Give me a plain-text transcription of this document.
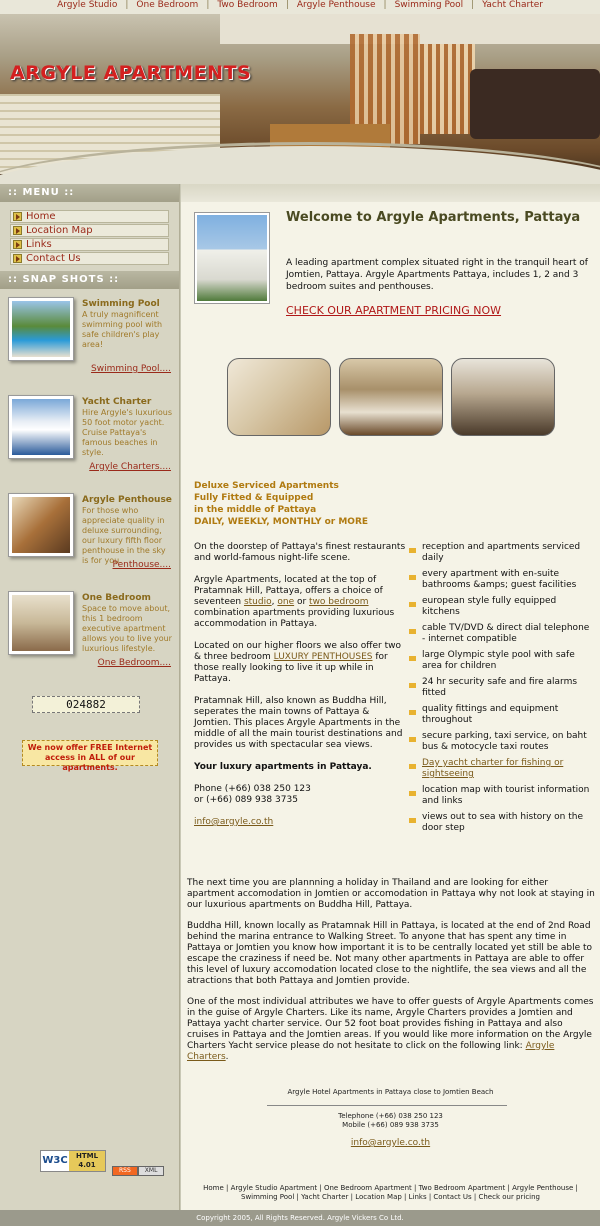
Argyle Studio | One Bedroom | Two Bedroom | Argyle Penthouse | Swimming Pool | Yacht Charter
ARGYLE APARTMENTS
:: MENU ::
Home
Location Map
Links
Contact Us
:: SNAP SHOTS ::
Swimming Pool
A truly magnificent swimming pool with safe children's play area!
Swimming Pool....
Yacht Charter
Hire Argyle's luxurious 50 foot motor yacht. Cruise Pattaya's famous beaches in style.
Argyle Charters....
Argyle Penthouse
For those who appreciate quality in deluxe surrounding, our luxury fifth floor penthouse in the sky is for you.
Penthouse....
One Bedroom
Space to move about, this 1 bedroom executive apartment allows you to live your luxurious lifestyle.
One Bedroom....
024882
We now offer FREE Internet access in ALL of our apartments.
W3C	HTML 4.01
RSS	XML
Welcome to Argyle Apartments, Pattaya
A leading apartment complex situated right in the tranquil heart of Jomtien, Pattaya. Argyle Apartments Pattaya, includes 1, 2 and 3 bedroom suites and penthouses.
CHECK OUR APARTMENT PRICING NOW
Deluxe Serviced Apartments
Fully Fitted & Equipped
in the middle of Pattaya
DAILY, WEEKLY, MONTHLY or MORE

On the doorstep of Pattaya's finest restaurants and world-famous night-life scene.

Argyle Apartments, located at the top of Pratamnak Hill, Pattaya, offers a choice of seventeen studio, one or two bedroom combination apartments providing luxurious accommodation in Pattaya.

Located on our higher floors we also offer two & three bedroom LUXURY PENTHOUSES for those really looking to live it up while in Pattaya.

Pratamnak Hill, also known as Buddha Hill, seperates the main towns of Pattaya & Jomtien. This places Argyle Apartments in the middle of all the main tourist destinations and provides us with spectacular sea views.

Your luxury apartments in Pattaya.

Phone (+66) 038 250 123
or (+66) 089 938 3735

info@argyle.co.th
reception and apartments serviced daily
every apartment with en-suite bathrooms &amps; guest facilities
european style fully equipped kitchens
cable TV/DVD & direct dial telephone - internet compatible
large Olympic style pool with safe area for children
24 hr security safe and fire alarms fitted
quality fittings and equipment throughout
secure parking, taxi service, on baht bus & motocycle taxi routes
Day yacht charter for fishing or sightseeing
location map with tourist information and links
views out to sea with history on the door step

The next time you are plannning a holiday in Thailand and are looking for either apartment accomodation in Jomtien or accomodation in Pattaya why not look at staying in our luxurious apartments on Buddha Hill, Pattaya.

Buddha Hill, known locally as Pratamnak Hill in Pattaya, is located at the end of 2nd Road behind the marina entrance to Walking Street. To anyone that has spent any time in Pattaya or Jomtien you know how important it is to be centrally located yet still be able to escape the craziness if need be. Not many other apartments in Pattaya are able to offer this level of luxury accomodation located close to the nightlife, the sea views and all the atractions that both Pattaya and Jomtien provide.

One of the most individual attributes we have to offer guests of Argyle Apartments comes in the guise of Argyle Charters. Like its name, Argyle Charters provides a Jomtien and Pattaya yacht charter service. Our 52 foot boat provides fishing in Pattaya and also cruises in Pattaya and the Jomtien areas. If you would like more information on the Argyle Charters Yacht service please do not hesitate to click on the following link: Argyle Charters.

Argyle Hotel Apartments in Pattaya close to Jomtien Beach
Telephone (+66) 038 250 123
Mobile (+66) 089 938 3735
info@argyle.co.th
Home | Argyle Studio Apartment | One Bedroom Apartment | Two Bedroom Apartment | Argyle Penthouse |
Swimming Pool | Yacht Charter | Location Map | Links | Contact Us | Check our pricing
Copyright 2005, All Rights Reserved. Argyle Vickers Co Ltd.
